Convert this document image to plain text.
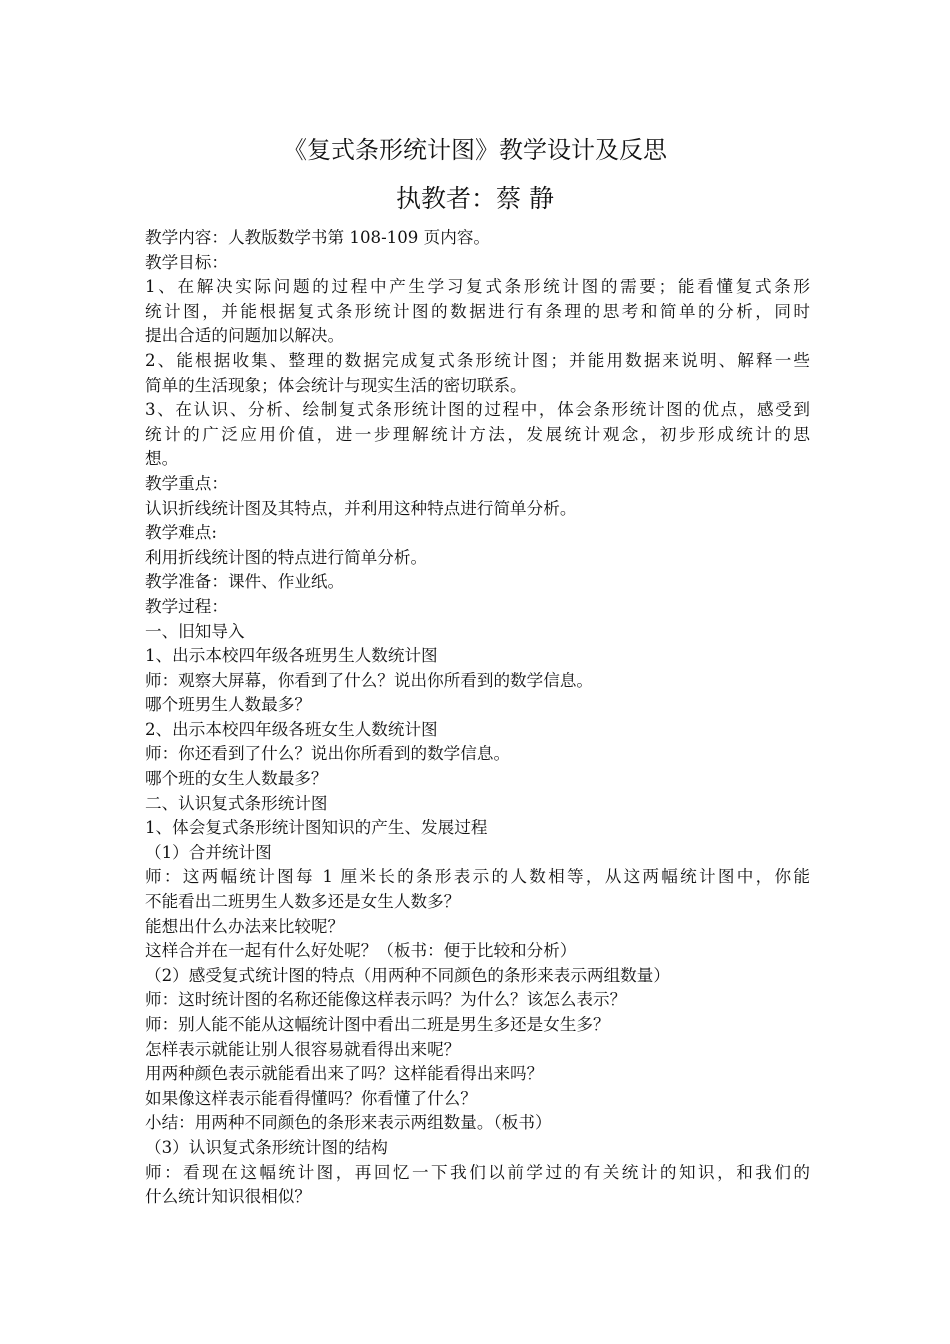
《复式条形统计图》教学设计及反思
执教者：蔡 静
教学内容：人教版数学书第 108-109 页内容。
教学目标：
1、在解决实际问题的过程中产生学习复式条形统计图的需要；能看懂复式条形
统计图，并能根据复式条形统计图的数据进行有条理的思考和简单的分析，同时
提出合适的问题加以解决。
2、能根据收集、整理的数据完成复式条形统计图；并能用数据来说明、解释一些
简单的生活现象；体会统计与现实生活的密切联系。
3、在认识、分析、绘制复式条形统计图的过程中，体会条形统计图的优点，感受到
统计的广泛应用价值，进一步理解统计方法，发展统计观念，初步形成统计的思
想。
教学重点：
认识折线统计图及其特点，并利用这种特点进行简单分析。
教学难点:
利用折线统计图的特点进行简单分析。
教学准备：课件、作业纸。
教学过程：
一、旧知导入
1、出示本校四年级各班男生人数统计图
师：观察大屏幕，你看到了什么？说出你所看到的数学信息。
哪个班男生人数最多？
2、出示本校四年级各班女生人数统计图
师：你还看到了什么？说出你所看到的数学信息。
哪个班的女生人数最多？
二、认识复式条形统计图
1、体会复式条形统计图知识的产生、发展过程
（1）合并统计图
师：这两幅统计图每 1 厘米长的条形表示的人数相等，从这两幅统计图中，你能
不能看出二班男生人数多还是女生人数多？
能想出什么办法来比较呢？
这样合并在一起有什么好处呢？（板书：便于比较和分析）
（2）感受复式统计图的特点（用两种不同颜色的条形来表示两组数量）
师：这时统计图的名称还能像这样表示吗？为什么？该怎么表示？
师：别人能不能从这幅统计图中看出二班是男生多还是女生多？
怎样表示就能让别人很容易就看得出来呢？
用两种颜色表示就能看出来了吗？这样能看得出来吗？
如果像这样表示能看得懂吗？你看懂了什么？
小结：用两种不同颜色的条形来表示两组数量。（板书）
（3）认识复式条形统计图的结构
师：看现在这幅统计图，再回忆一下我们以前学过的有关统计的知识，和我们的
什么统计知识很相似？
